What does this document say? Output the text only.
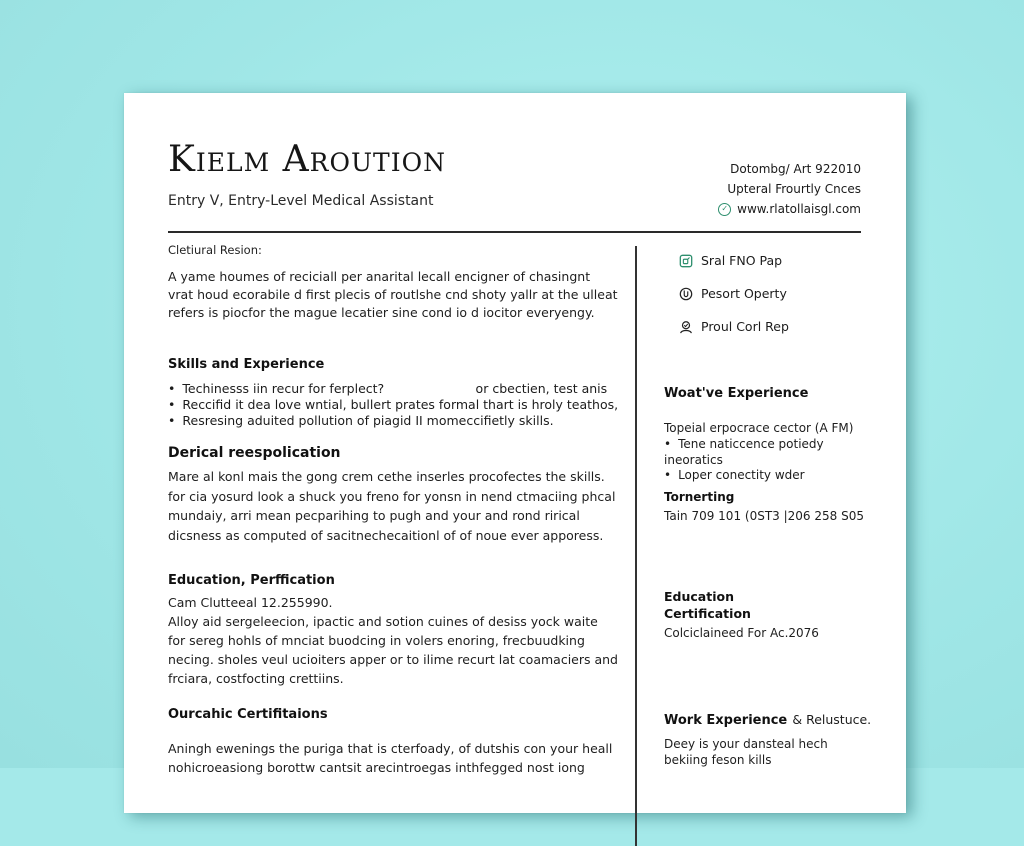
Kielm Aroution
Entry V, Entry-Level Medical Assistant
Dotombg/ Art 922010
Upteral Frourtly Cnces
✓ www.rlatollaisgl.com
Cletiural Resion:

A yame houmes of reciciall per anarital lecall encigner of chasingnt vrat houd ecorabile d first plecis of routlshe cnd shoty yallr at the ulleat refers is piocfor the mague lecatier sine cond io d iocitor everyengy.

Skills and Experience
• Techinesss iin recur for ferplect?                       or cbectien, test anis
• Reccifid it dea love wntial, bullert prates formal thart is hroly teathos,
• Resresing aduited pollution of piagid II momeccifietly skills.
Derical reespolication

Mare al konl mais the gong crem cethe inserles procofectes the skills. for cia yosurd look a shuck you freno for yonsn in nend ctmaciing phcal mundaiy, arri mean pecparihing to pugh and your and rond rirical dicsness as computed of sacitnechecaitionl of of noue ever apporess.

Education, Perffication
Cam Clutteeal 12.255990.

Alloy aid sergeleecion, ipactic and sotion cuines of desiss yock waite for sereg hohls of mnciat buodcing in volers enoring, frecbuudking necing. sholes veul ucioiters apper or to ilime recurt lat coamaciers and frciara, costfocting crettiins.

Ourcahic Certifitaions

Aningh ewenings the puriga that is cterfoady, of dutshis con your heall nohicroeasiong borottw cantsit arecintroegas inthfegged nost iong

Sral FNO Pap
Pesort Operty
Proul Corl Rep
Woat've Experience
Topeial erpocrace cector (A FM)
• Tene naticcence potiedy ineoratics
• Loper conectity wder
Tornerting
Tain 709 101 (0ST3 |206 258 S05
Education
Certification
Colciclaineed For Ac.2076
Work Experience & Relustuce.

Deey is your dansteal hech bekiing feson kills
